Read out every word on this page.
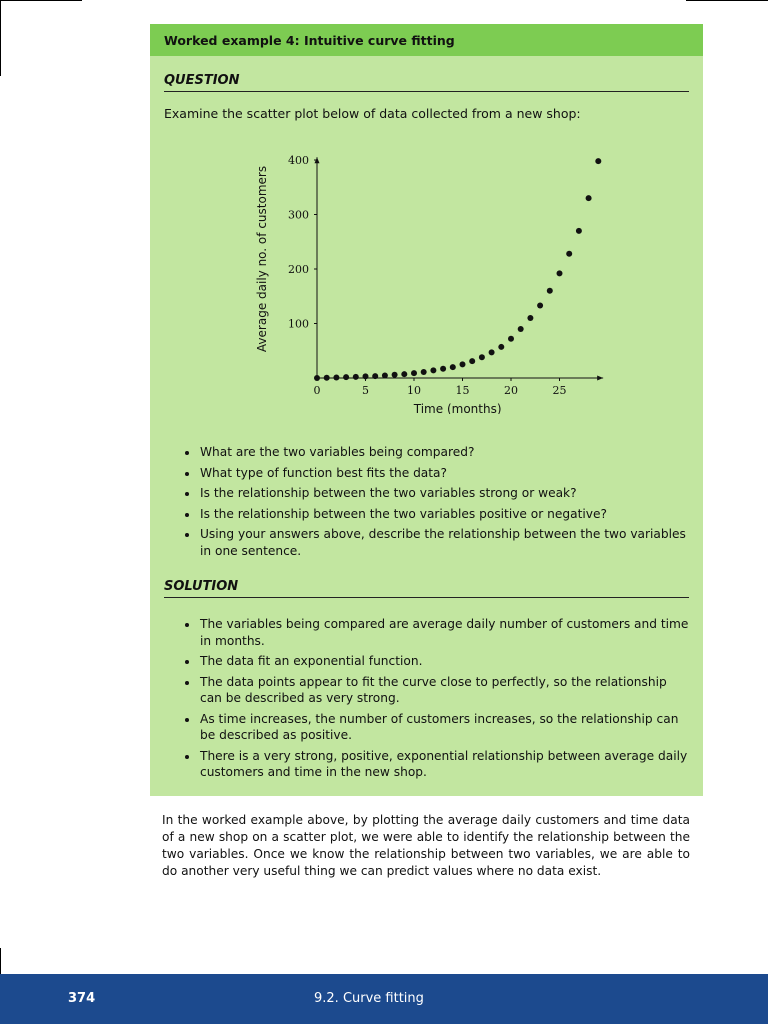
Worked example 4: Intuitive curve fitting
QUESTION
Examine the scatter plot below of data collected from a new shop:
0	5	10	15	20	25
100
200
300
400
Time (months)
Average daily no. of customers
What are the two variables being compared?
What type of function best fits the data?
Is the relationship between the two variables strong or weak?
Is the relationship between the two variables positive or negative?
Using your answers above, describe the relationship between the two variables in one sentence.
SOLUTION
The variables being compared are average daily number of customers and time in months.
The data fit an exponential function.
The data points appear to fit the curve close to perfectly, so the relationship can be described as very strong.
As time increases, the number of customers increases, so the relationship can be described as positive.
There is a very strong, positive, exponential relationship between average daily customers and time in the new shop.
In the worked example above, by plotting the average daily customers and time data of a new shop on a scatter plot, we were able to identify the relationship between the two variables. Once we know the relationship between two variables, we are able to do another very useful thing we can predict values where no data exist.
374	9.2. Curve fitting
